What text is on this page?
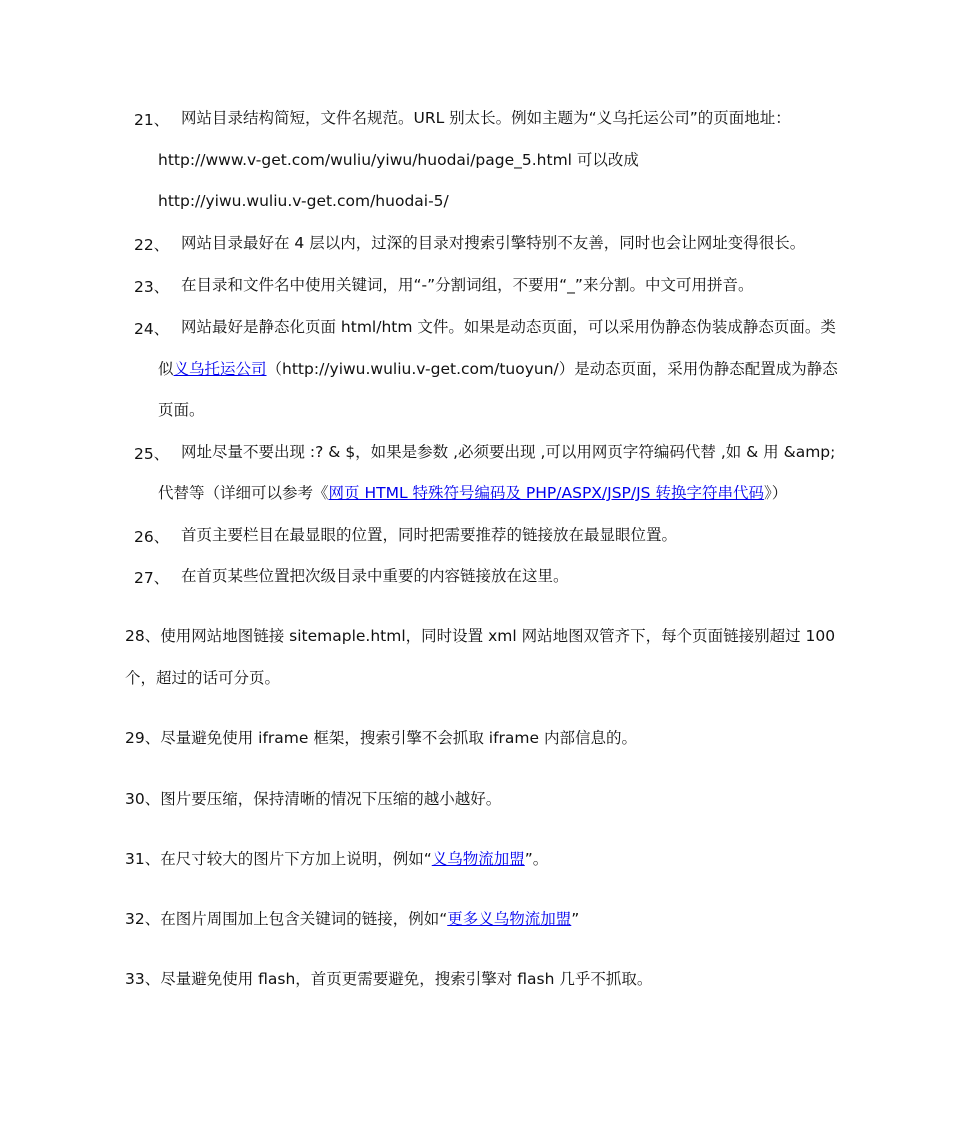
21、 网站目录结构简短，文件名规范。URL 别太长。例如主题为“义乌托运公司”的页面地址：
http://www.v-get.com/wuliu/yiwu/huodai/page_5.html 可以改成
http://yiwu.wuliu.v-get.com/huodai-5/
22、 网站目录最好在 4 层以内，过深的目录对搜索引擎特别不友善，同时也会让网址变得很长。
23、 在目录和文件名中使用关键词，用“-”分割词组，不要用“_”来分割。中文可用拼音。
24、 网站最好是静态化页面 html/htm 文件。如果是动态页面，可以采用伪静态伪装成静态页面。类
似义乌托运公司（http://yiwu.wuliu.v-get.com/tuoyun/）是动态页面，采用伪静态配置成为静态
页面。
25、 网址尽量不要出现 :? & $，如果是参数 ,必须要出现 ,可以用网页字符编码代替 ,如 & 用 &amp;
代替等（详细可以参考《网页 HTML 特殊符号编码及 PHP/ASPX/JSP/JS 转换字符串代码》）
26、 首页主要栏目在最显眼的位置，同时把需要推荐的链接放在最显眼位置。
27、 在首页某些位置把次级目录中重要的内容链接放在这里。
28、使用网站地图链接 sitemaple.html，同时设置 xml 网站地图双管齐下，每个页面链接别超过 100
个，超过的话可分页。
29、尽量避免使用 iframe 框架，搜索引擎不会抓取 iframe 内部信息的。
30、图片要压缩，保持清晰的情况下压缩的越小越好。
31、在尺寸较大的图片下方加上说明，例如“义乌物流加盟”。
32、在图片周围加上包含关键词的链接，例如“更多义乌物流加盟”
33、尽量避免使用 flash，首页更需要避免，搜索引擎对 flash 几乎不抓取。
